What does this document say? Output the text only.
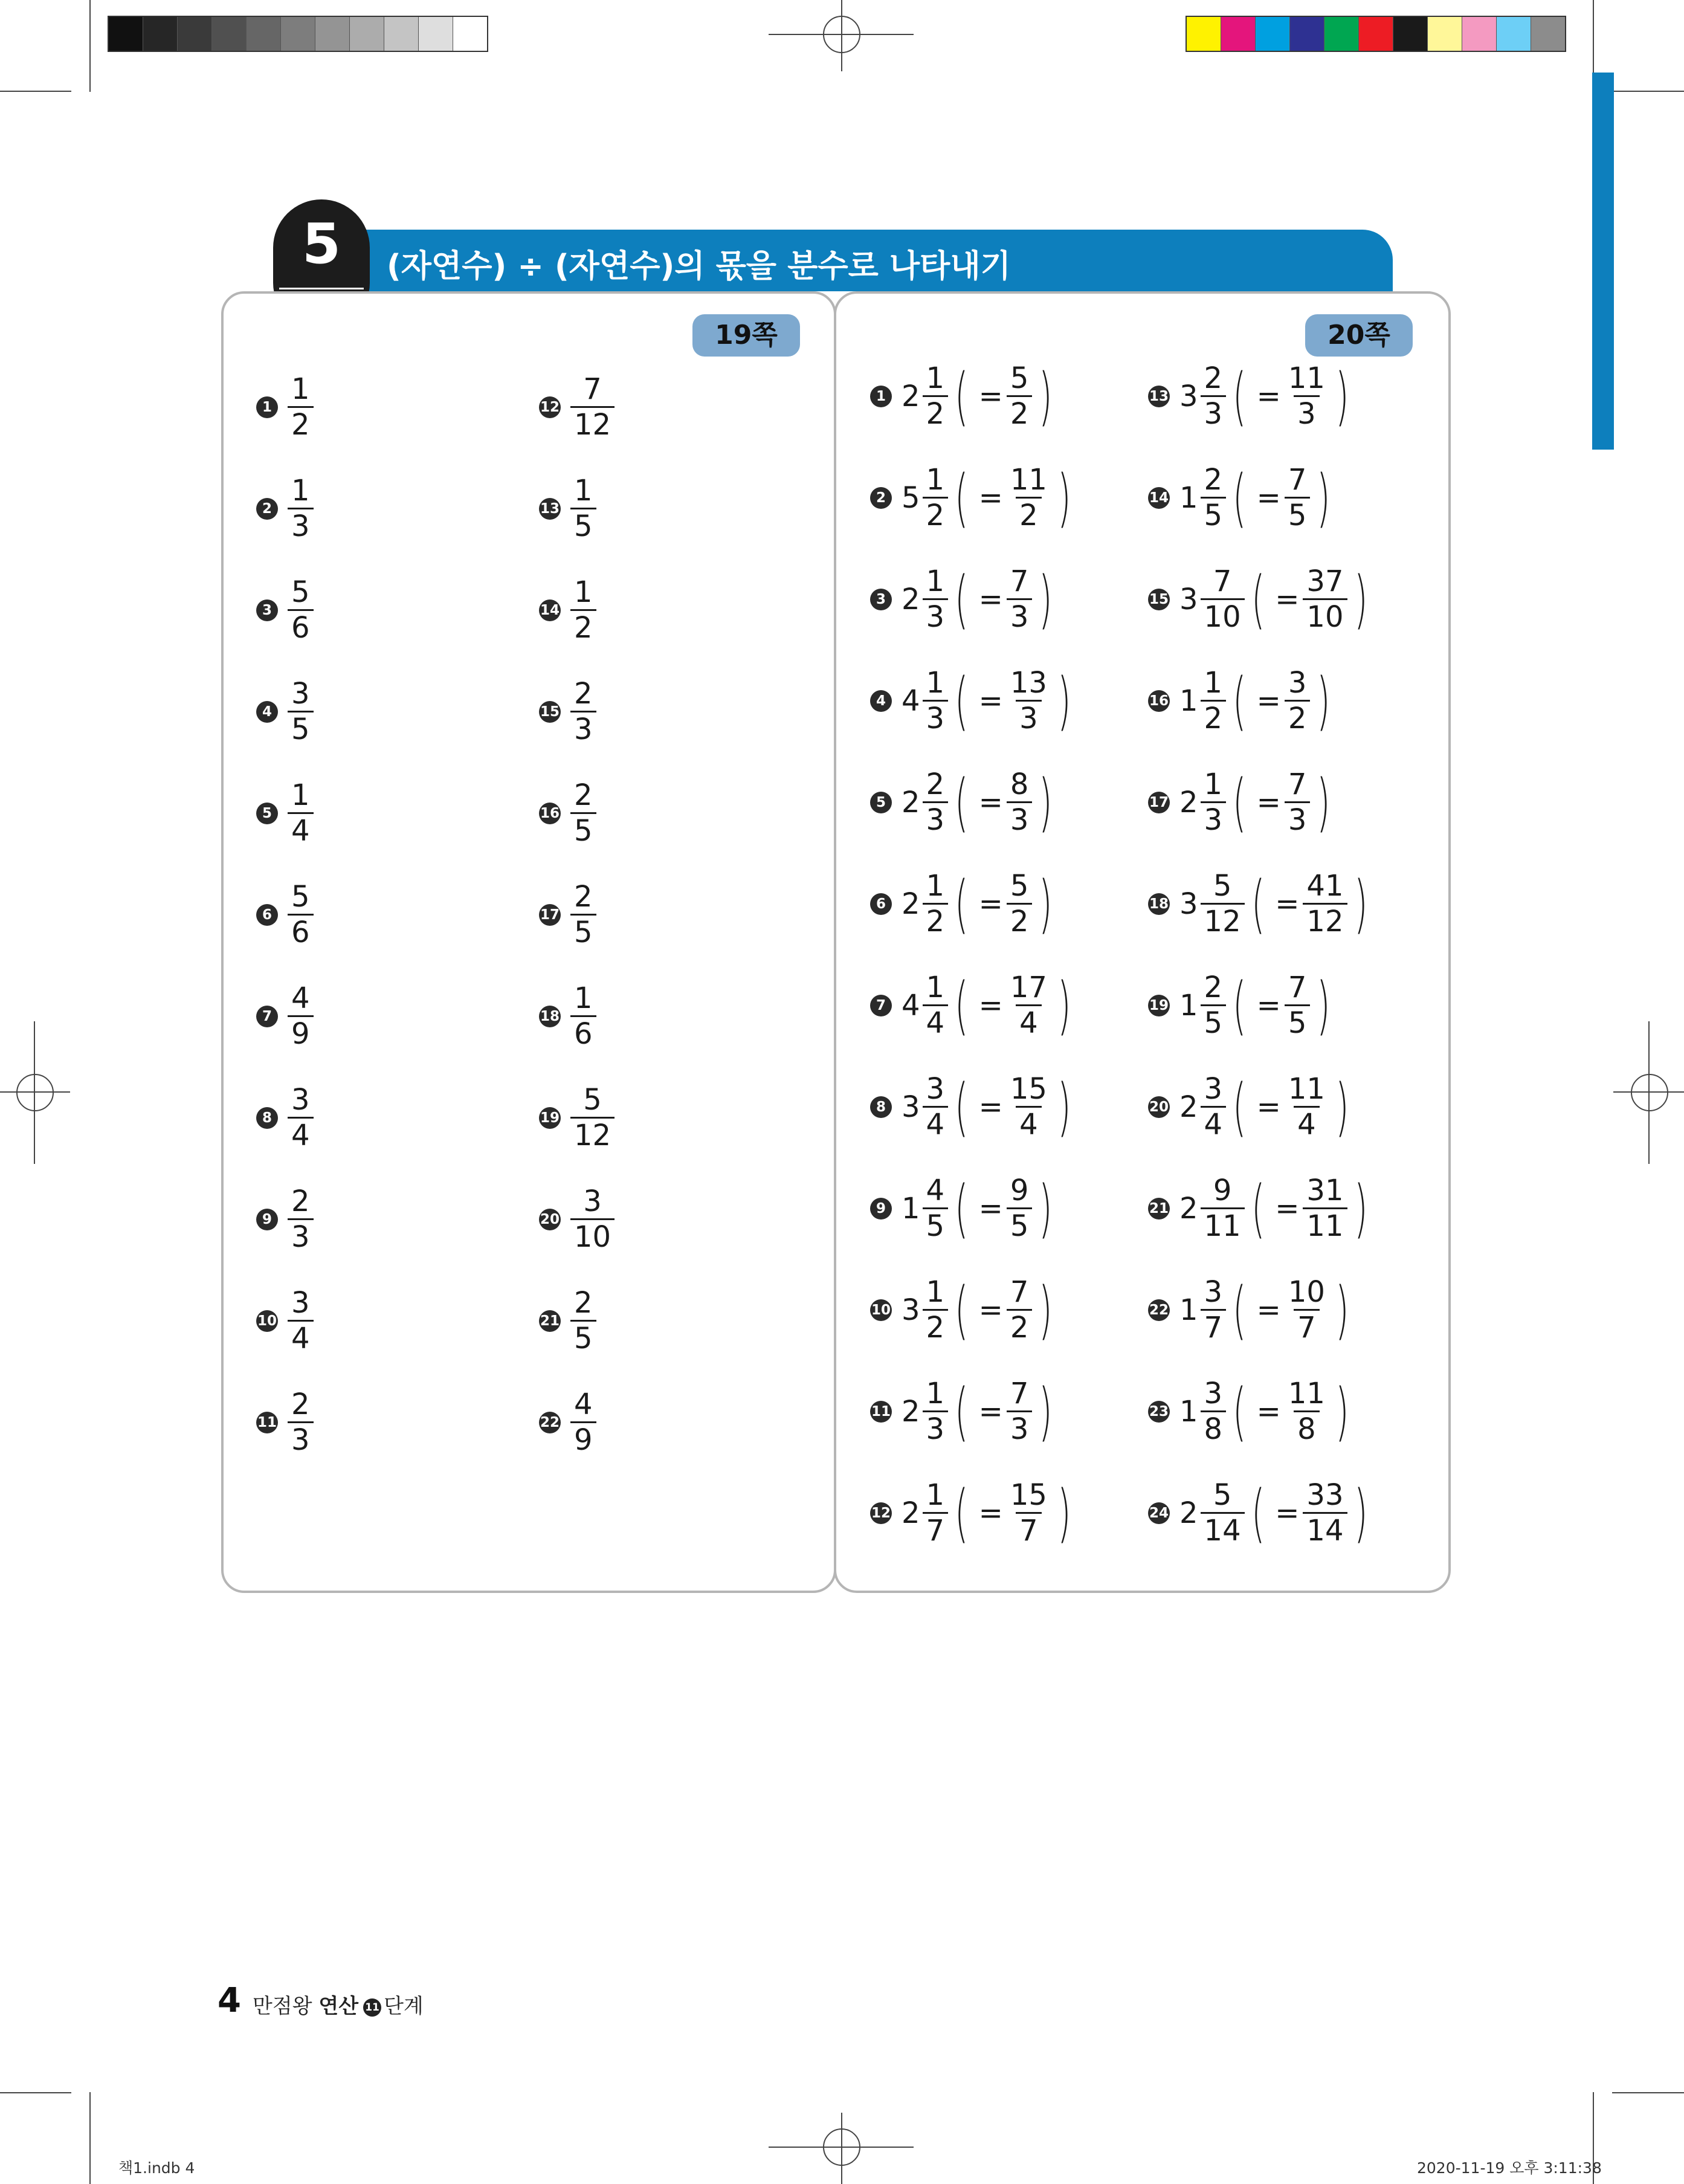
(자연수) ÷ (자연수)의 몫을 분수로 나타내기
5
19쪽	20쪽
$1 \frac{1}{2}$
$2 \frac{1}{3}$
$3 \frac{5}{6}$
$4 \frac{3}{5}$
$5 \frac{1}{4}$
$6 \frac{5}{6}$
$7 \frac{4}{9}$
$8 \frac{3}{4}$
$9 \frac{2}{3}$
$10 \frac{3}{4}$
$11 \frac{2}{3}$
$12 \frac{7}{12}$
$13 \frac{1}{5}$
$14 \frac{1}{2}$
$15 \frac{2}{3}$
$16 \frac{2}{5}$
$17 \frac{2}{5}$
$18 \frac{1}{6}$
$19 \frac{5}{12}$
$20 \frac{3}{10}$
$21 \frac{2}{5}$
$22 \frac{4}{9}$
1 $2 \frac{1}{2}$ ( = $\frac{5}{2}$ )
2 $5 \frac{1}{2}$ ( = $\frac{11}{2}$ )
3 $2 \frac{1}{3}$ ( = $\frac{7}{3}$ )
4 $4 \frac{1}{3}$ ( = $\frac{13}{3}$ )
5 $2 \frac{2}{3}$ ( = $\frac{8}{3}$ )
6 $2 \frac{1}{2}$ ( = $\frac{5}{2}$ )
7 $4 \frac{1}{4}$ ( = $\frac{17}{4}$ )
8 $3 \frac{3}{4}$ ( = $\frac{15}{4}$ )
9 $1 \frac{4}{5}$ ( = $\frac{9}{5}$ )
10 $3 \frac{1}{2}$ ( = $\frac{7}{2}$ )
11 $2 \frac{1}{3}$ ( = $\frac{7}{3}$ )
12 $2 \frac{1}{7}$ ( = $\frac{15}{7}$ )
13 $3 \frac{2}{3}$ ( = $\frac{11}{3}$ )
14 $1 \frac{2}{5}$ ( = $\frac{7}{5}$ )
15 $3 \frac{7}{10}$ ( = $\frac{37}{10}$ )
16 $1 \frac{1}{2}$ ( = $\frac{3}{2}$ )
17 $2 \frac{1}{3}$ ( = $\frac{7}{3}$ )
18 $3 \frac{5}{12}$ ( = $\frac{41}{12}$ )
19 $1 \frac{2}{5}$ ( = $\frac{7}{5}$ )
20 $2 \frac{3}{4}$ ( = $\frac{11}{4}$ )
21 $2 \frac{9}{11}$ ( = $\frac{31}{11}$ )
22 $1 \frac{3}{7}$ ( = $\frac{10}{7}$ )
23 $1 \frac{3}{8}$ ( = $\frac{11}{8}$ )
24 $2 \frac{5}{14}$ ( = $\frac{33}{14}$ )
4 만점왕 연산 11 단계
책1.indb 4	2020-11-19 오후 3:11:38
